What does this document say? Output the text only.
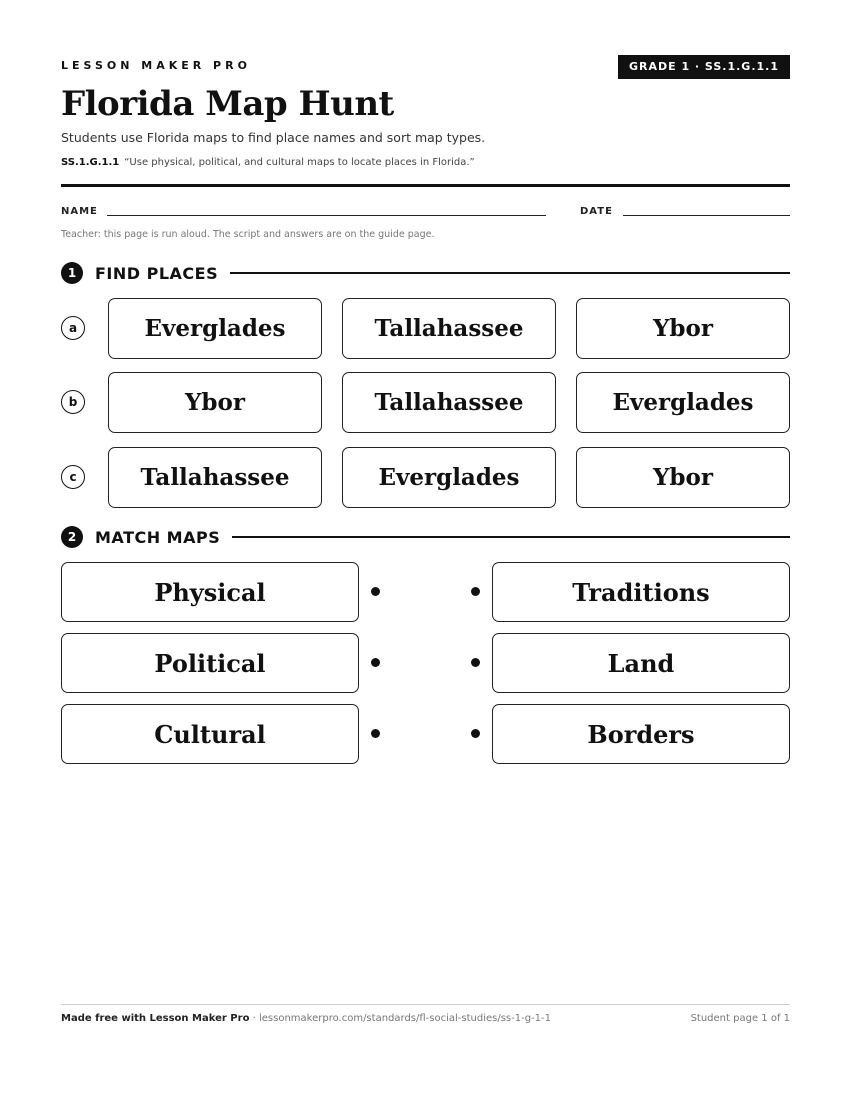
LESSON MAKER PRO	GRADE 1 · SS.1.G.1.1
Florida Map Hunt
Students use Florida maps to find place names and sort map types.
SS.1.G.1.1 “Use physical, political, and cultural maps to locate places in Florida.”
NAME	DATE
Teacher: this page is run aloud. The script and answers are on the guide page.
1	FIND PLACES
a	Everglades	Tallahassee	Ybor
b	Ybor	Tallahassee	Everglades
c	Tallahassee	Everglades	Ybor
2	MATCH MAPS
Physical	Traditions
Political	Land
Cultural	Borders
Made free with Lesson Maker Pro · lessonmakerpro.com/standards/fl-social-studies/ss-1-g-1-1	Student page 1 of 1
